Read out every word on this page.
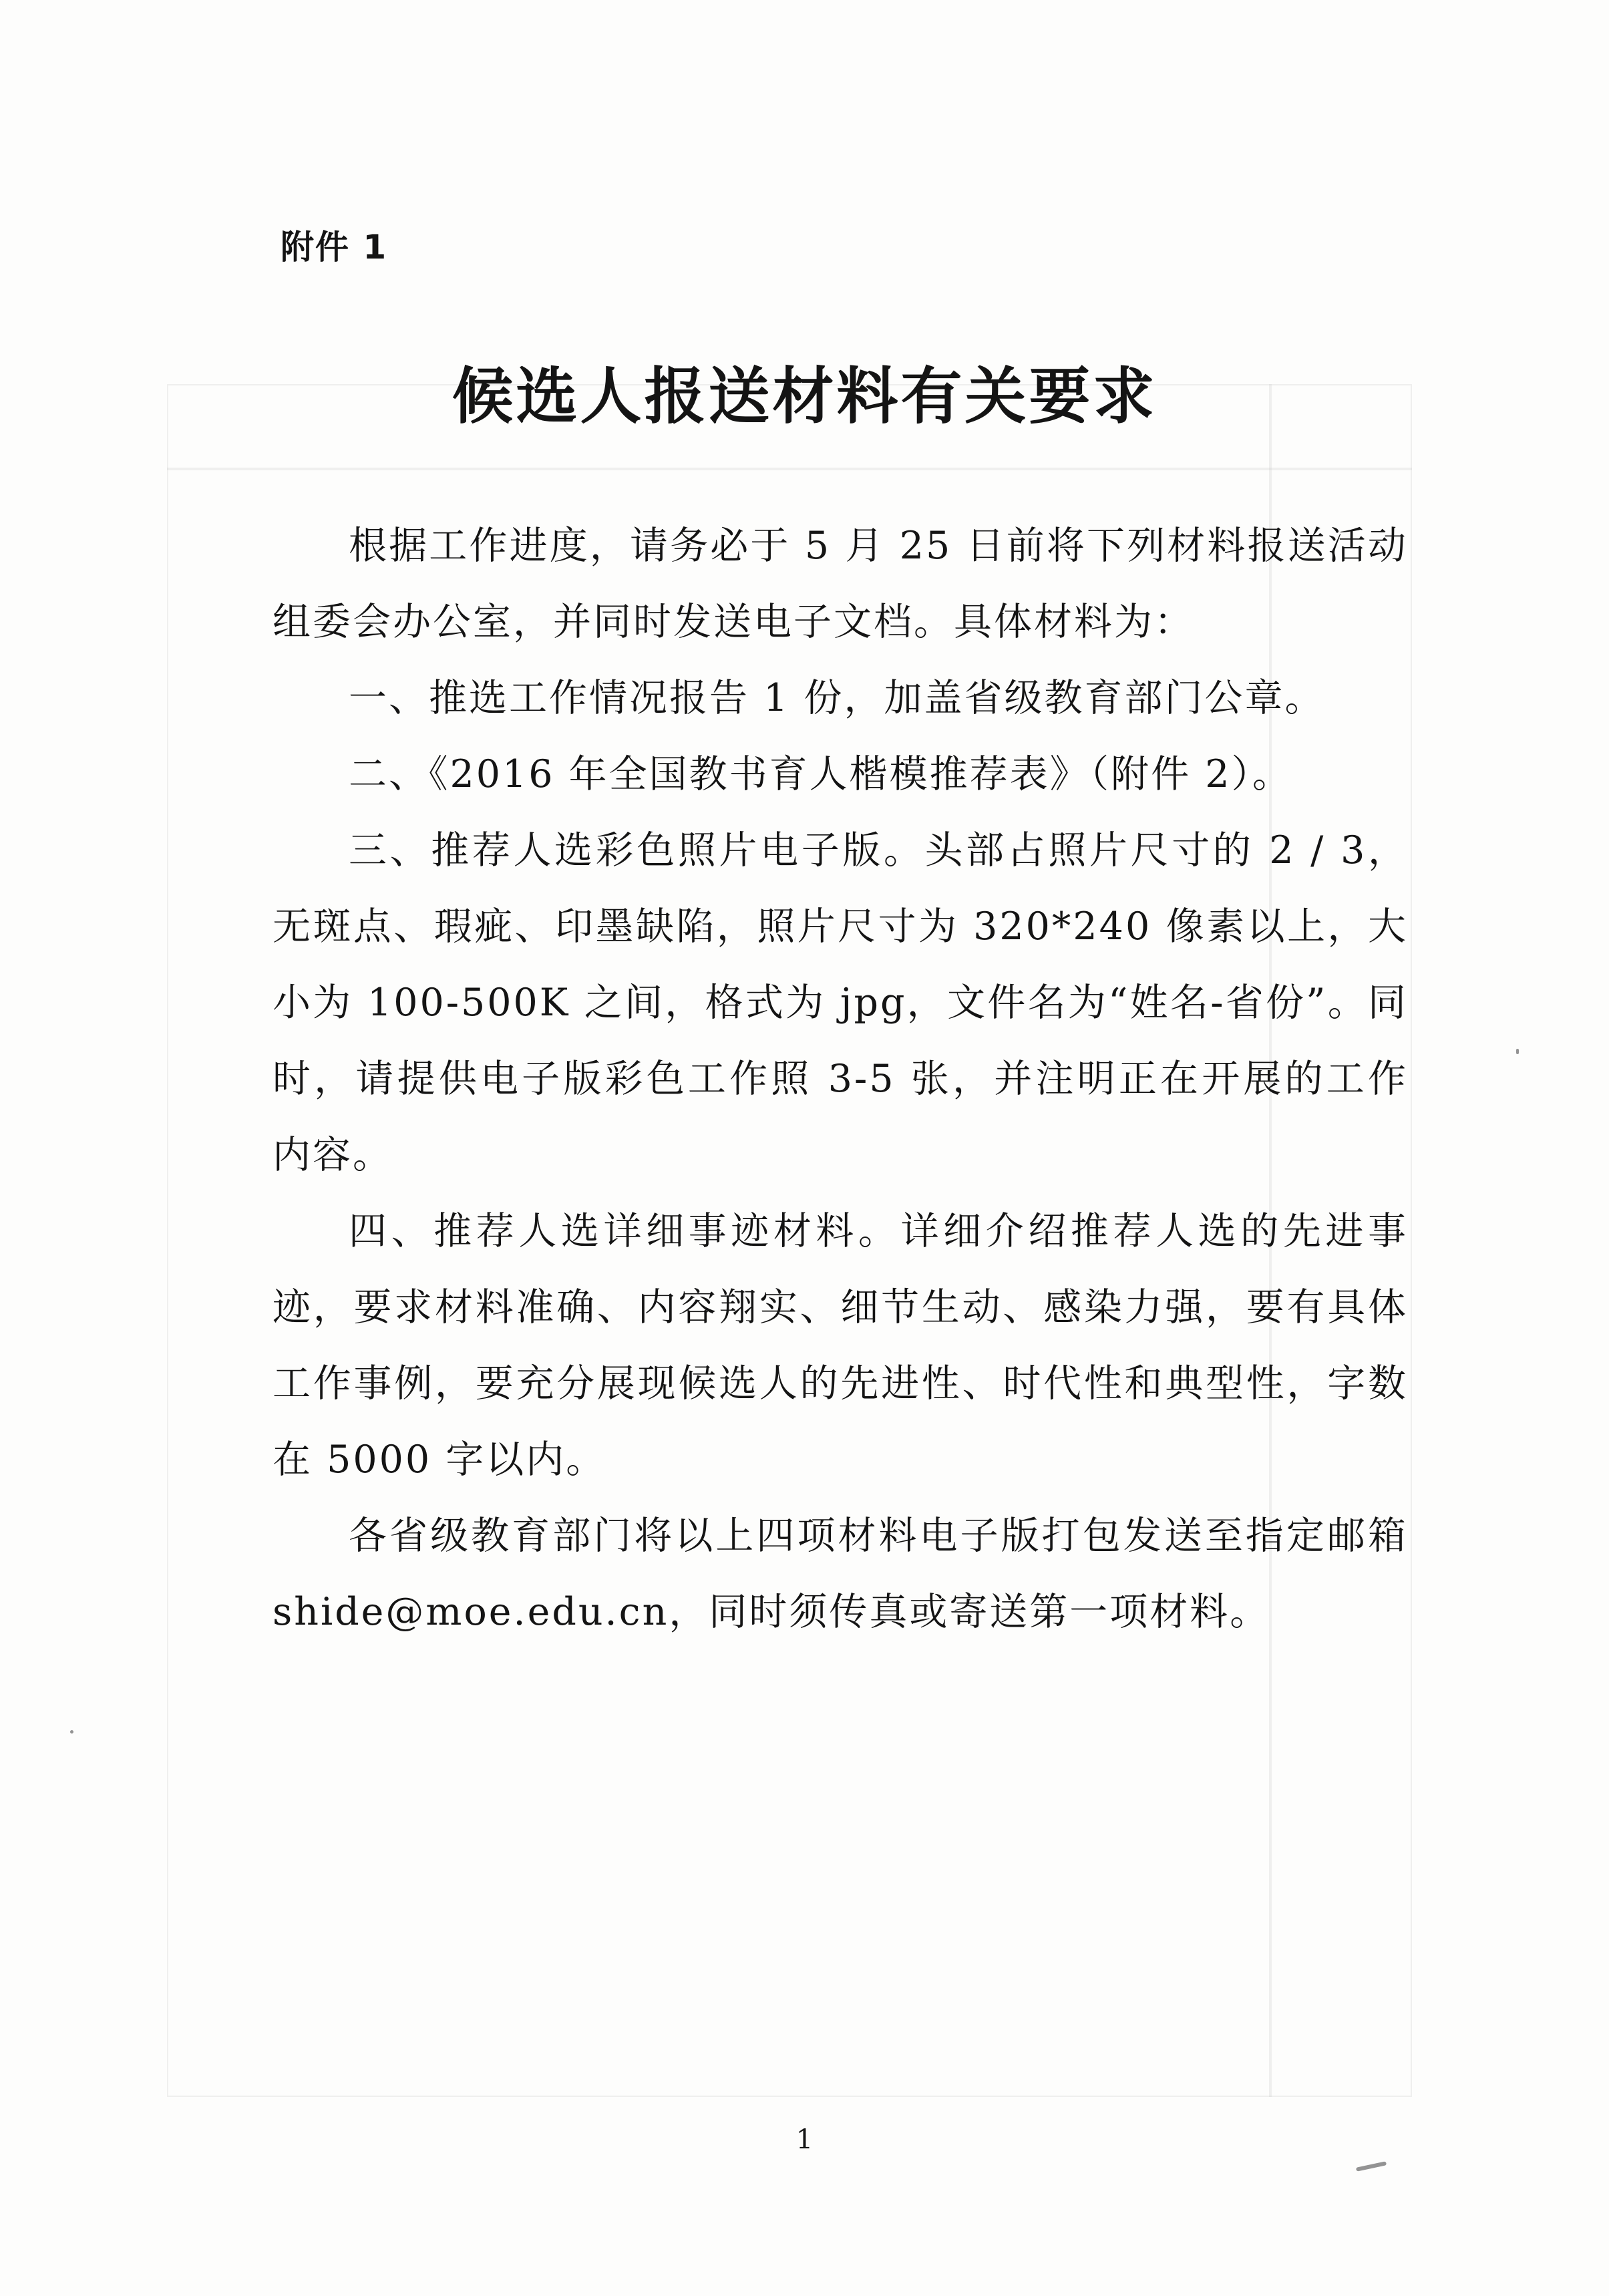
附件 1
候选人报送材料有关要求

根据工作进度，请务必于 5 月 25 日前将下列材料报送活动组委会办公室，并同时发送电子文档。具体材料为：

一、推选工作情况报告 1 份，加盖省级教育部门公章。

二、《2016 年全国教书育人楷模推荐表》（附件 2）。

三、推荐人选彩色照片电子版。头部占照片尺寸的 2 / 3，无斑点、瑕疵、印墨缺陷，照片尺寸为 320*240 像素以上，大小为 100-500K 之间，格式为 jpg，文件名为“姓名-省份”。同时，请提供电子版彩色工作照 3-5 张，并注明正在开展的工作内容。

四、推荐人选详细事迹材料。详细介绍推荐人选的先进事迹，要求材料准确、内容翔实、细节生动、感染力强，要有具体工作事例，要充分展现候选人的先进性、时代性和典型性，字数在 5000 字以内。

各省级教育部门将以上四项材料电子版打包发送至指定邮箱 shide@moe.edu.cn，同时须传真或寄送第一项材料。

1
